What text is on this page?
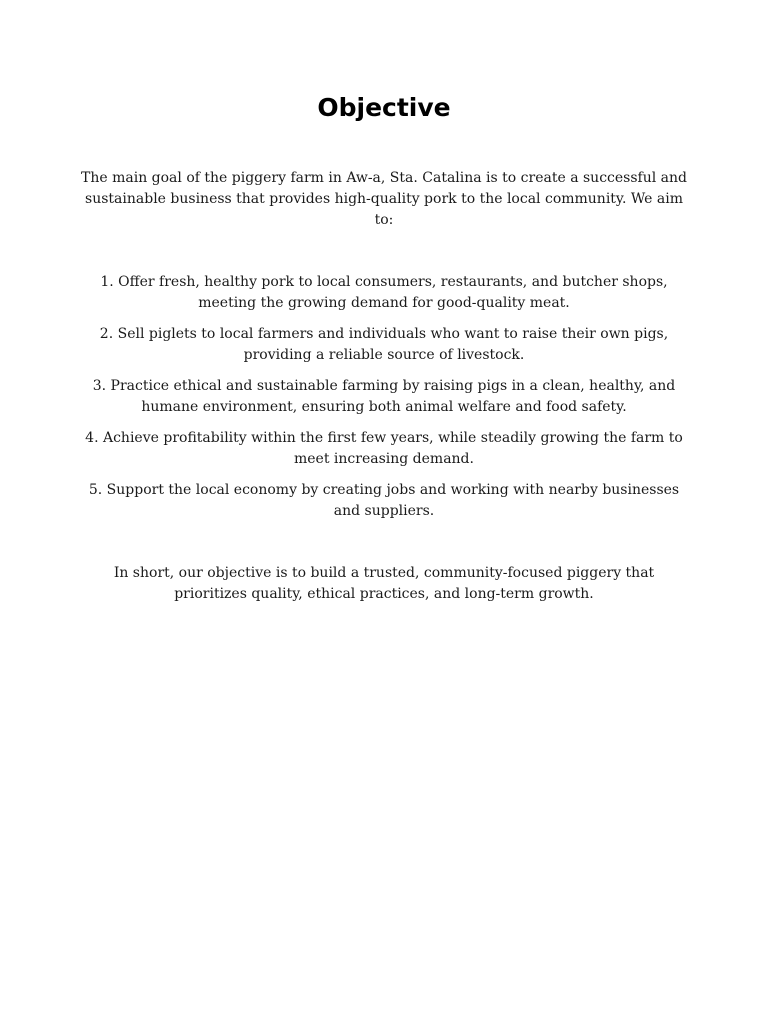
Objective

The main goal of the piggery farm in Aw-a, Sta. Catalina is to create a successful and sustainable business that provides high-quality pork to the local community. We aim to:

1. Offer fresh, healthy pork to local consumers, restaurants, and butcher shops, meeting the growing demand for good-quality meat.
2. Sell piglets to local farmers and individuals who want to raise their own pigs, providing a reliable source of livestock.
3. Practice ethical and sustainable farming by raising pigs in a clean, healthy, and humane environment, ensuring both animal welfare and food safety.
4. Achieve profitability within the first few years, while steadily growing the farm to meet increasing demand.
5. Support the local economy by creating jobs and working with nearby businesses and suppliers.

In short, our objective is to build a trusted, community-focused piggery that prioritizes quality, ethical practices, and long-term growth.
